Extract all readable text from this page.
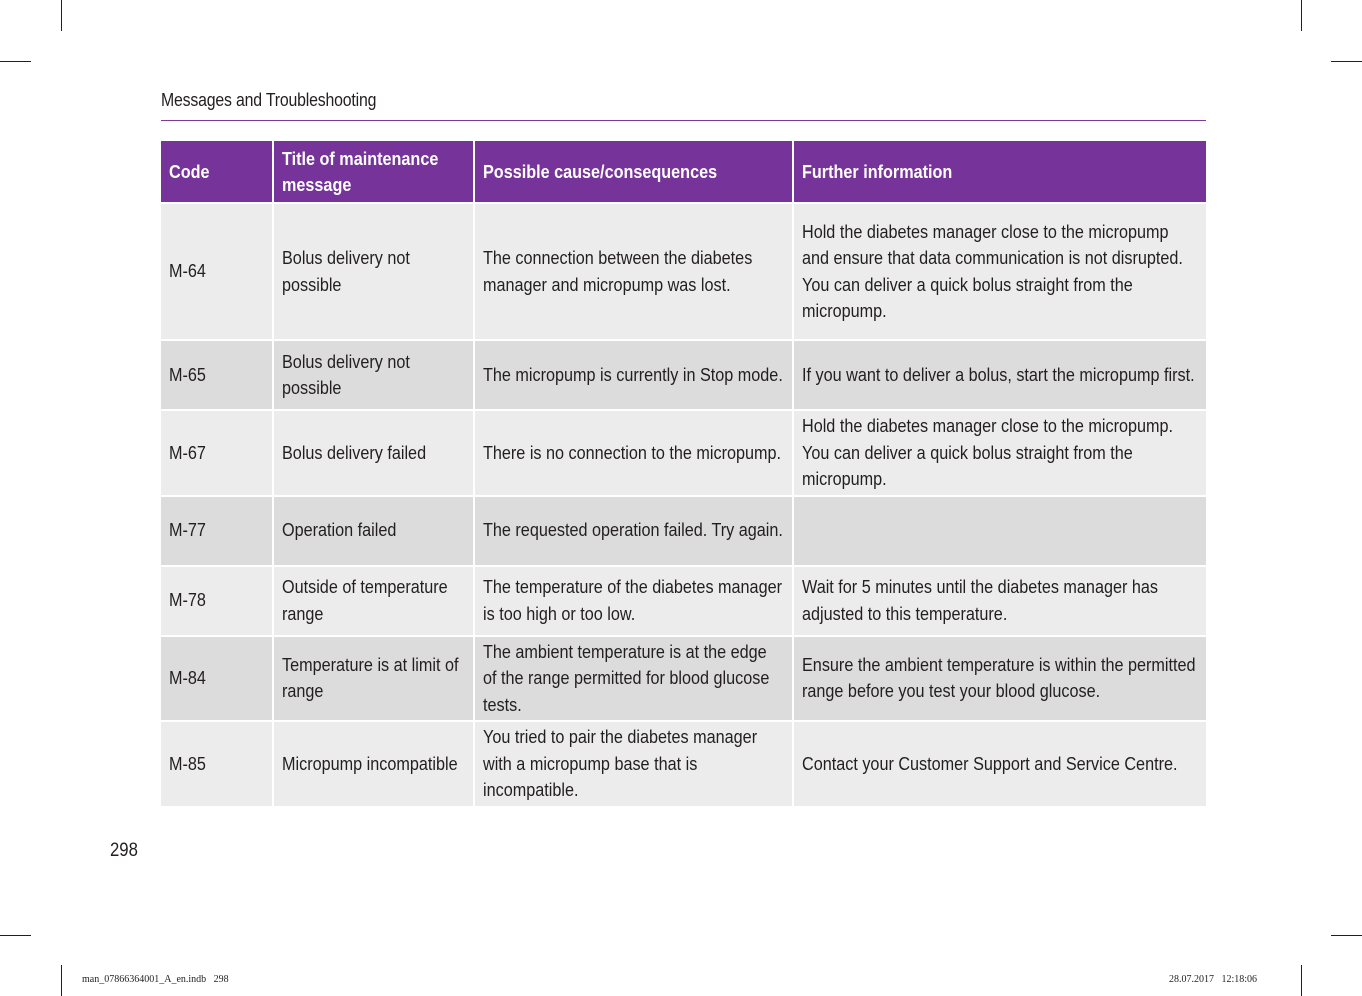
Messages and Troubleshooting
Code	Title of maintenance message	Possible cause/consequences	Further information
M-64	Bolus delivery not possible	The connection between the diabetes manager and micropump was lost.	Hold the diabetes manager close to the micropump and ensure that data communication is not disrupted.
You can deliver a quick bolus straight from the micropump.
M-65	Bolus delivery not possible	The micropump is currently in Stop mode.	If you want to deliver a bolus, start the micropump first.
M-67	Bolus delivery failed	There is no connection to the micropump.	Hold the diabetes manager close to the micropump.
You can deliver a quick bolus straight from the micropump.
M-77	Operation failed	The requested operation failed. Try again.	
M-78	Outside of temperature range	The temperature of the diabetes manager is too high or too low.	Wait for 5 minutes until the diabetes manager has adjusted to this temperature.
M-84	Temperature is at limit of range	The ambient temperature is at the edge of the range permitted for blood glucose tests.	Ensure the ambient temperature is within the permitted range before you test your blood glucose.
M-85	Micropump incompatible	You tried to pair the diabetes manager with a micropump base that is incompatible.	Contact your Customer Support and Service Centre.
298
man_07866364001_A_en.indb   298	28.07.2017   12:18:06
